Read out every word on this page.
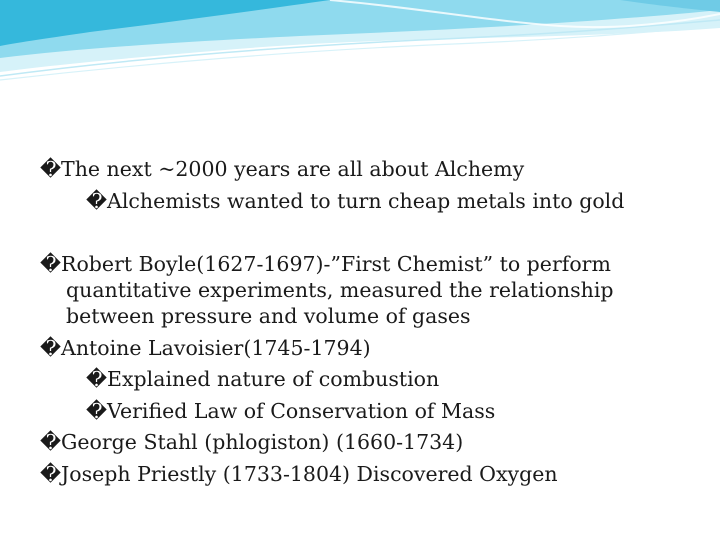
�The next ~2000 years are all about Alchemy
�Alchemists wanted to turn cheap metals into gold
�Robert Boyle(1627-1697)-”First Chemist” to perform
quantitative experiments, measured the relationship
between pressure and volume of gases
�Antoine Lavoisier(1745-1794)
�Explained nature of combustion
�Verified Law of Conservation of Mass
�George Stahl (phlogiston) (1660-1734)
�Joseph Priestly (1733-1804) Discovered Oxygen
